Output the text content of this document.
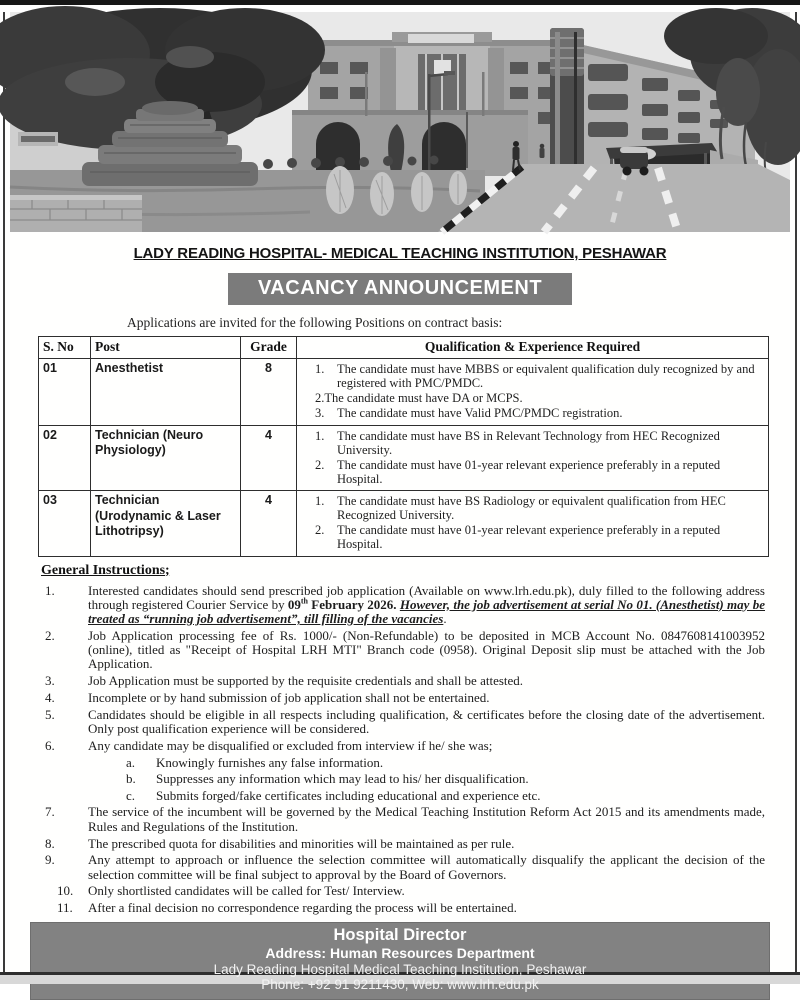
LADY READING HOSPITAL- MEDICAL TEACHING INSTITUTION, PESHAWAR
VACANCY ANNOUNCEMENT
Applications are invited for the following Positions on contract basis:
S. No	Post	Grade	Qualification & Experience Required
01	Anesthetist	8	1.	The candidate must have MBBS or equivalent qualification duly recognized by and registered with PMC/PMDC.
2.The candidate must have DA or MCPS.
3.	The candidate must have Valid PMC/PMDC registration.

02	Technician (Neuro Physiology)	4	1.	The candidate must have BS in Relevant Technology from HEC Recognized University.
2.	The candidate must have 01-year relevant experience preferably in a reputed Hospital.

03	Technician (Urodynamic & Laser Lithotripsy)	4	1.	The candidate must have BS Radiology or equivalent qualification from HEC Recognized University.
2.	The candidate must have 01-year relevant experience preferably in a reputed Hospital.
General Instructions;
1.	Interested candidates should send prescribed job application (Available on www.lrh.edu.pk), duly filled to the following address through registered Courier Service by 09th February 2026. However, the job advertisement at serial No 01. (Anesthetist) may be treated as “running job advertisement”, till filling of the vacancies.
2.	Job Application processing fee of Rs. 1000/- (Non-Refundable) to be deposited in MCB Account No. 0847608141003952 (online), titled as "Receipt of Hospital LRH MTI" Branch code (0958). Original Deposit slip must be attached with the Job Application.
3.	Job Application must be supported by the requisite credentials and shall be attested.
4.	Incomplete or by hand submission of job application shall not be entertained.
5.	Candidates should be eligible in all respects including qualification, & certificates before the closing date of the advertisement. Only post qualification experience will be considered.
6.	Any candidate may be disqualified or excluded from interview if he/ she was;
a. Knowingly furnishes any false information.
b. Suppresses any information which may lead to his/ her disqualification.
c. Submits forged/fake certificates including educational and experience etc.
7.	The service of the incumbent will be governed by the Medical Teaching Institution Reform Act 2015 and its amendments made, Rules and Regulations of the Institution.
8.	The prescribed quota for disabilities and minorities will be maintained as per rule.
9.	Any attempt to approach or influence the selection committee will automatically disqualify the applicant the decision of the selection committee will be final subject to approval by the Board of Governors.
10. Only shortlisted candidates will be called for Test/ Interview.
11. After a final decision no correspondence regarding the process will be entertained.
Hospital Director
Address: Human Resources Department
Lady Reading Hospital Medical Teaching Institution, Peshawar
Phone: +92 91 9211430, Web: www.lrh.edu.pk
